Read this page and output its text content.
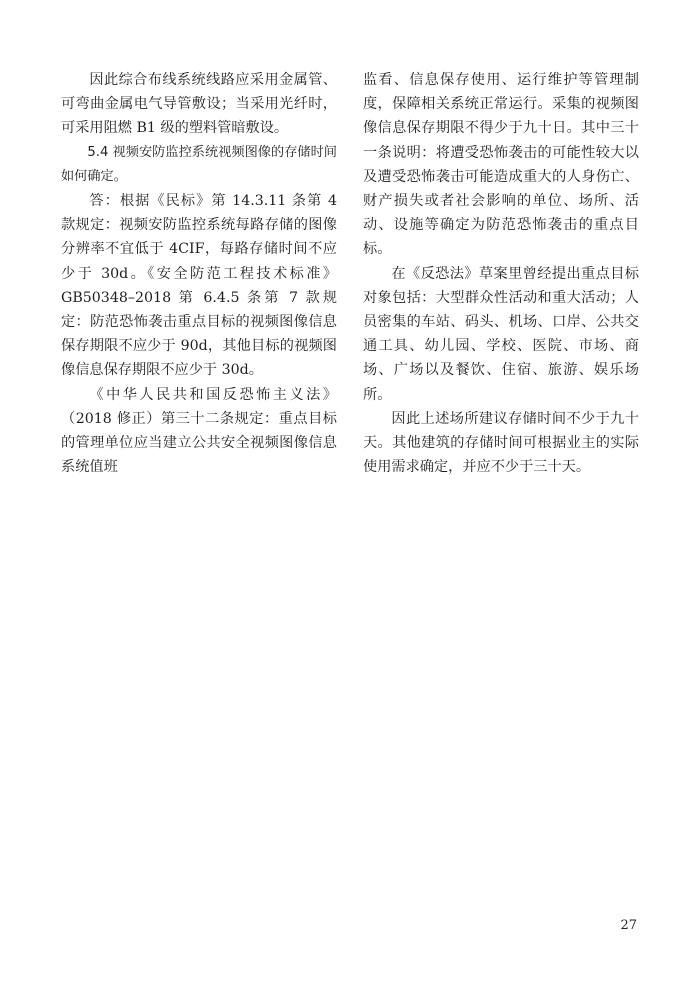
因此综合布线系统线路应采用金属管、可弯曲金属电气导管敷设；当采用光纤时，可采用阻燃 B1 级的塑料管暗敷设。

5.4 视频安防监控系统视频图像的存储时间如何确定。

答：根据《民标》第 14.3.11 条第 4 款规定：视频安防监控系统每路存储的图像分辨率不宜低于 4CIF，每路存储时间不应少于 30d。《安全防范工程技术标准》GB50348–2018 第 6.4.5 条第 7 款规定：防范恐怖袭击重点目标的视频图像信息保存期限不应少于 90d，其他目标的视频图像信息保存期限不应少于 30d。

《中华人民共和国反恐怖主义法》（2018 修正）第三十二条规定：重点目标的管理单位应当建立公共安全视频图像信息系统值班

监看、信息保存使用、运行维护等管理制度，保障相关系统正常运行。采集的视频图像信息保存期限不得少于九十日。其中三十一条说明：将遭受恐怖袭击的可能性较大以及遭受恐怖袭击可能造成重大的人身伤亡、财产损失或者社会影响的单位、场所、活动、设施等确定为防范恐怖袭击的重点目标。

在《反恐法》草案里曾经提出重点目标对象包括：大型群众性活动和重大活动；人员密集的车站、码头、机场、口岸、公共交通工具、幼儿园、学校、医院、市场、商场、广场以及餐饮、住宿、旅游、娱乐场所。

因此上述场所建议存储时间不少于九十天。其他建筑的存储时间可根据业主的实际使用需求确定，并应不少于三十天。

27
